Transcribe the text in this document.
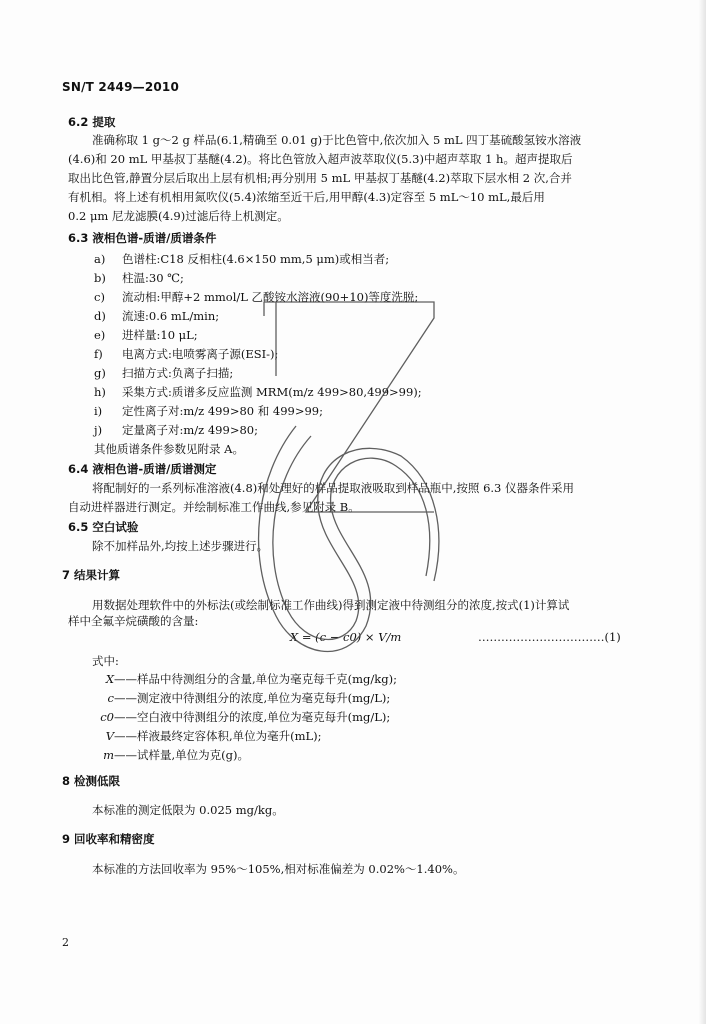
SN/T 2449—2010
6.2 提取
准确称取 1 g～2 g 样品(6.1,精确至 0.01 g)于比色管中,依次加入 5 mL 四丁基硫酸氢铵水溶液
(4.6)和 20 mL 甲基叔丁基醚(4.2)。将比色管放入超声波萃取仪(5.3)中超声萃取 1 h。超声提取后
取出比色管,静置分层后取出上层有机相;再分别用 5 mL 甲基叔丁基醚(4.2)萃取下层水相 2 次,合并
有机相。将上述有机相用氮吹仪(5.4)浓缩至近干后,用甲醇(4.3)定容至 5 mL～10 mL,最后用
0.2 μm 尼龙滤膜(4.9)过滤后待上机测定。
6.3 液相色谱-质谱/质谱条件
a) 色谱柱:C18 反相柱(4.6×150 mm,5 μm)或相当者;
b) 柱温:30 ℃;
c) 流动相:甲醇+2 mmol/L 乙酸铵水溶液(90+10)等度洗脱;
d) 流速:0.6 mL/min;
e) 进样量:10 μL;
f) 电离方式:电喷雾离子源(ESI-);
g) 扫描方式:负离子扫描;
h) 采集方式:质谱多反应监测 MRM(m/z 499>80,499>99);
i) 定性离子对:m/z 499>80 和 499>99;
j) 定量离子对:m/z 499>80;
其他质谱条件参数见附录 A。
6.4 液相色谱-质谱/质谱测定
将配制好的一系列标准溶液(4.8)和处理好的样品提取液吸取到样品瓶中,按照 6.3 仪器条件采用
自动进样器进行测定。并绘制标准工作曲线,参见附录 B。
6.5 空白试验
除不加样品外,均按上述步骤进行。
7 结果计算
用数据处理软件中的外标法(或绘制标准工作曲线)得到测定液中待测组分的浓度,按式(1)计算试
样中全氟辛烷磺酸的含量:
X = (c − c0) × V/m	……………………………(1)
式中:
X——样品中待测组分的含量,单位为毫克每千克(mg/kg);
c——测定液中待测组分的浓度,单位为毫克每升(mg/L);
c0——空白液中待测组分的浓度,单位为毫克每升(mg/L);
V——样液最终定容体积,单位为毫升(mL);
m——试样量,单位为克(g)。
8 检测低限
本标准的测定低限为 0.025 mg/kg。
9 回收率和精密度
本标准的方法回收率为 95%～105%,相对标准偏差为 0.02%～1.40%。
2
